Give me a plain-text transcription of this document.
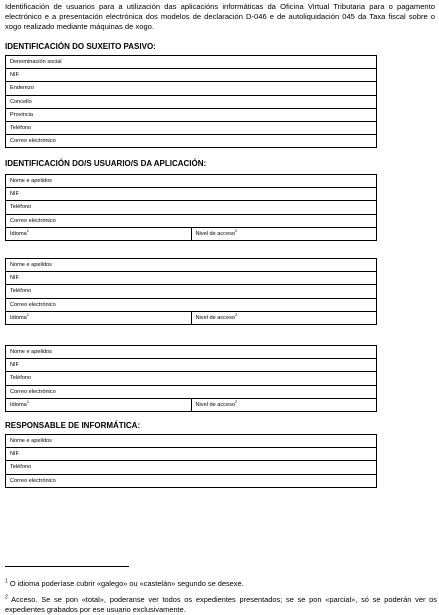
Identificación de usuarios para a utilización das aplicacións informáticas da Oficina Virtual Tributaria para o pagamento electrónico e a presentación electrónica dos modelos de declaración D-046 e de autoliquidación 045 da Taxa fiscal sobre o xogo realizado mediante máquinas de xogo.

IDENTIFICACIÓN DO SUXEITO PASIVO:

Denominación social
NIF
Enderezo
Concello
Provincia
Teléfono
Correo electrónico

IDENTIFICACIÓN DO/S USUARIO/S DA APLICACIÓN:

Nome e apelidos
NIF
Teléfono
Correo electrónico
Idioma$^1$	Nivel de acceso$^2$
Nome e apelidos
NIF
Teléfono
Correo electrónico
Idioma$^1$	Nivel de acceso$^2$
Nome e apelidos
NIF
Teléfono
Correo electrónico
Idioma$^1$	Nivel de acceso$^2$

RESPONSABLE DE INFORMÁTICA:

Nome e apelidos
NIF
Teléfono
Correo electrónico

$^1$ O idioma poderíase cubrir «galego» ou «castelán» segundo se desexe.

$^2$ Acceso. Se se pon «total», poderanse ver todos os expedientes presentados; se se pon «parcial», só se poderán ver os expedientes grabados por ese usuario exclusivamente.
